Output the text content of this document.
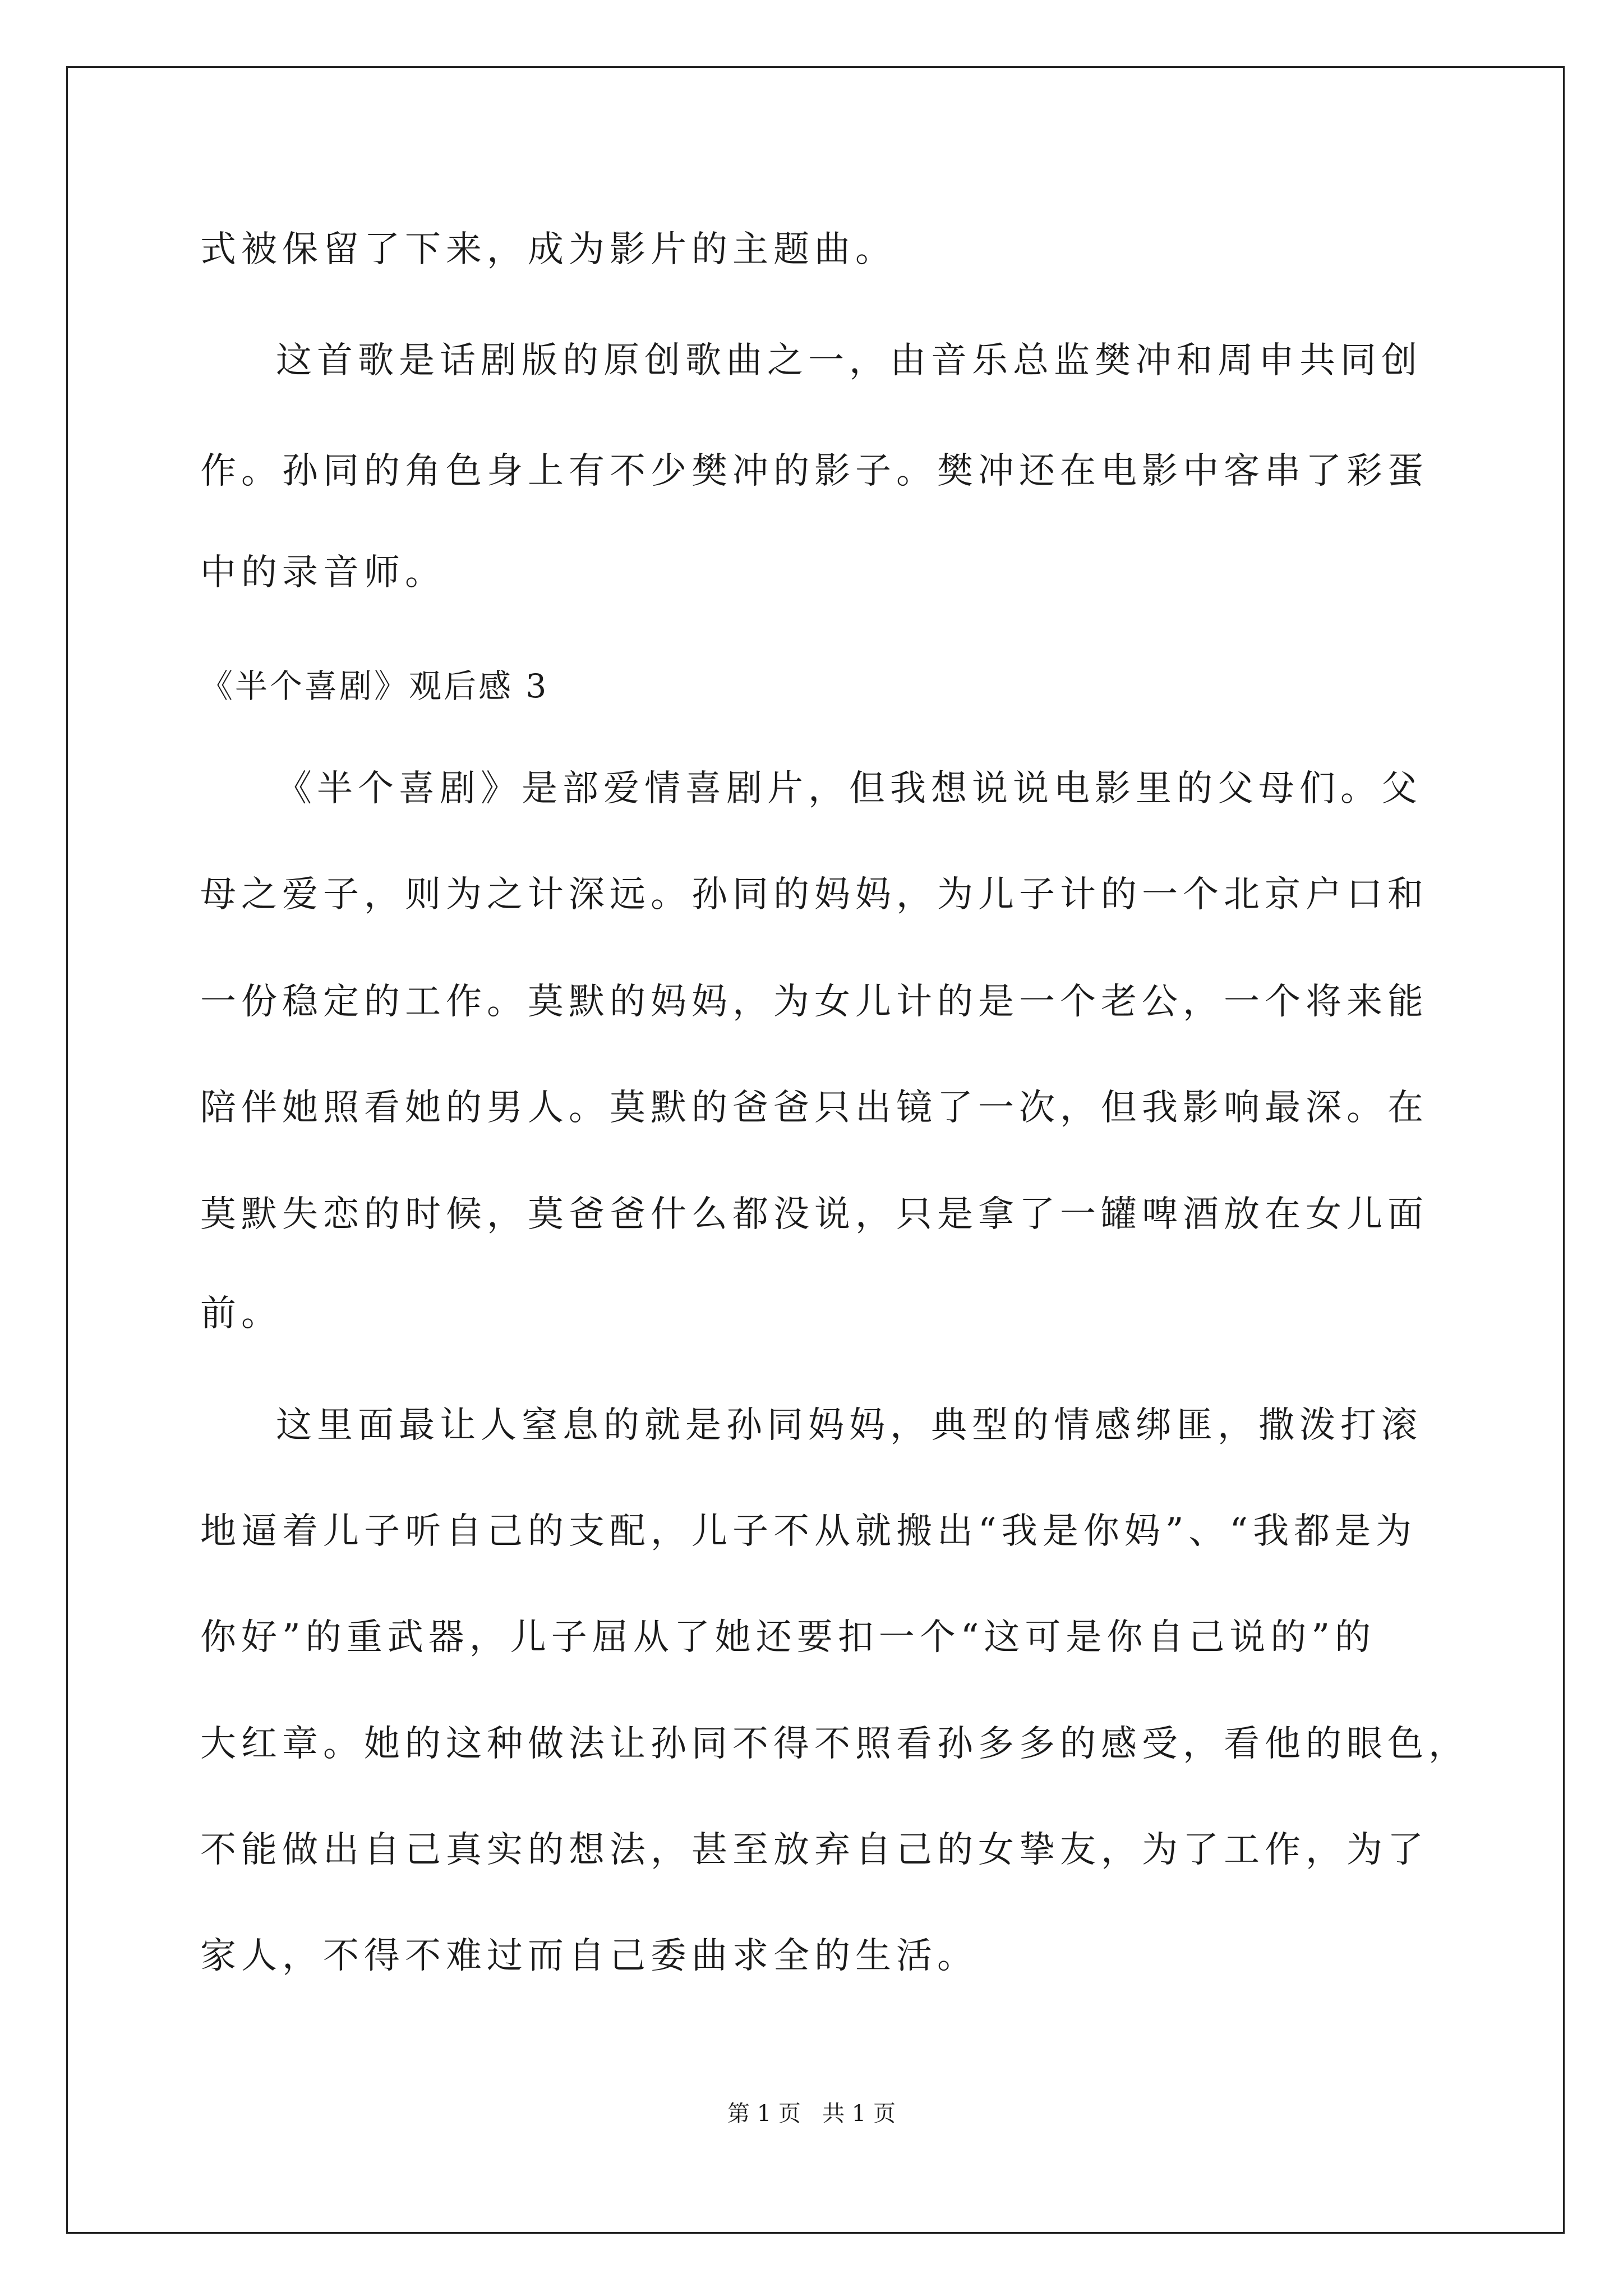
式被保留了下来，成为影片的主题曲。
这首歌是话剧版的原创歌曲之一，由音乐总监樊冲和周申共同创
作。孙同的角色身上有不少樊冲的影子。樊冲还在电影中客串了彩蛋
中的录音师。
《半个喜剧》观后感 3
《半个喜剧》是部爱情喜剧片，但我想说说电影里的父母们。父
母之爱子，则为之计深远。孙同的妈妈，为儿子计的一个北京户口和
一份稳定的工作。莫默的妈妈，为女儿计的是一个老公，一个将来能
陪伴她照看她的男人。莫默的爸爸只出镜了一次，但我影响最深。在
莫默失恋的时候，莫爸爸什么都没说，只是拿了一罐啤酒放在女儿面
前。
这里面最让人窒息的就是孙同妈妈，典型的情感绑匪，撒泼打滚
地逼着儿子听自己的支配，儿子不从就搬出“我是你妈”、“我都是为
你好”的重武器，儿子屈从了她还要扣一个“这可是你自己说的”的
大红章。她的这种做法让孙同不得不照看孙多多的感受，看他的眼色，
不能做出自己真实的想法，甚至放弃自己的女挚友，为了工作，为了
家人，不得不难过而自己委曲求全的生活。
第 1 页   共 1 页
